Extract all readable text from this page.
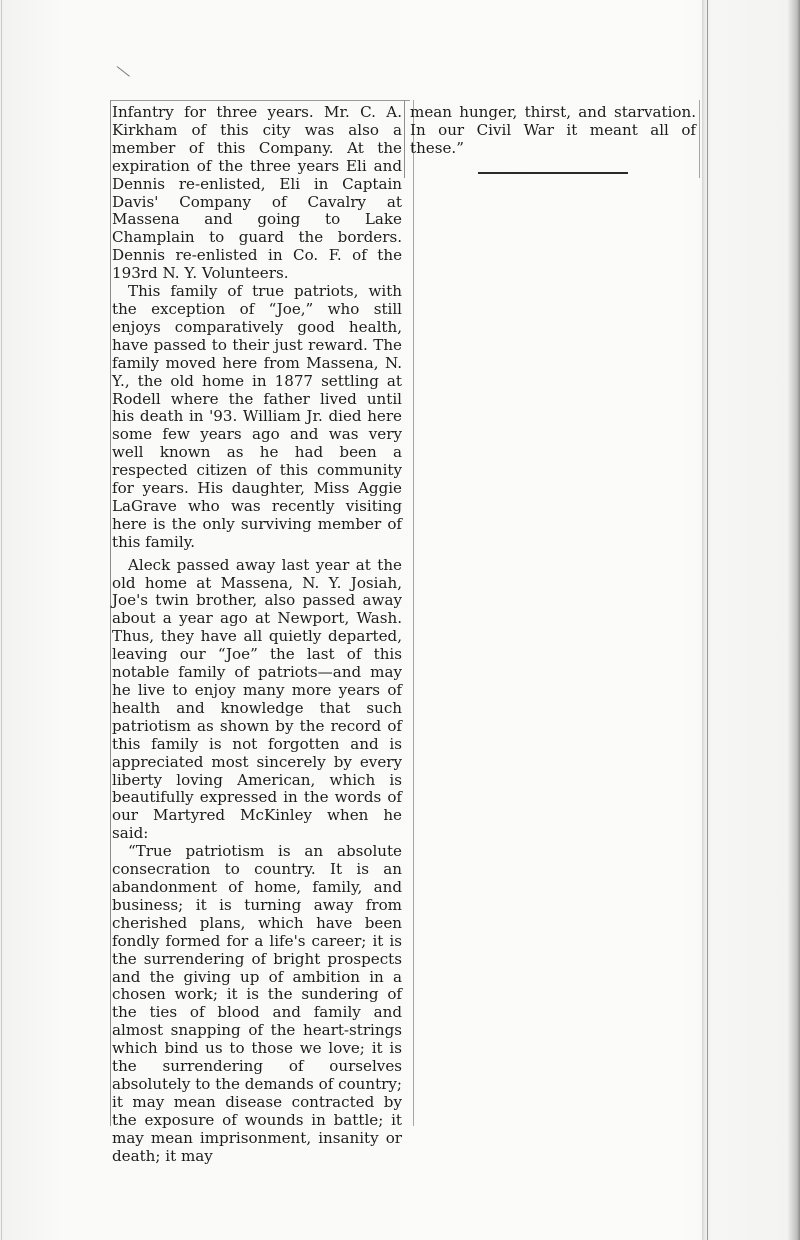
Infantry for three years. Mr. C. A. Kirkham of this city was also a member of this Company. At the expiration of the three years Eli and Dennis re-enlisted, Eli in Captain Davis' Company of Cavalry at Massena and going to Lake Champlain to guard the borders. Dennis re-enlisted in Co. F. of the 193rd N. Y. Volunteers.

This family of true patriots, with the exception of “Joe,” who still enjoys comparatively good health, have passed to their just reward. The family moved here from Massena, N. Y., the old home in 1877 settling at Rodell where the father lived until his death in '93. William Jr. died here some few years ago and was very well known as he had been a respected citizen of this community for years. His daughter, Miss Aggie LaGrave who was recently visiting here is the only surviving member of this family.

Aleck passed away last year at the old home at Massena, N. Y. Josiah, Joe's twin brother, also passed away about a year ago at Newport, Wash. Thus, they have all quietly departed, leaving our “Joe” the last of this notable family of patriots—and may he live to enjoy many more years of health and knowledge that such patriotism as shown by the record of this family is not forgotten and is appreciated most sincerely by every liberty loving American, which is beautifully expressed in the words of our Martyred McKinley when he said:

“True patriotism is an absolute consecration to country. It is an abandonment of home, family, and business; it is turning away from cherished plans, which have been fondly formed for a life's career; it is the surrendering of bright prospects and the giving up of ambition in a chosen work; it is the sundering of the ties of blood and family and almost snapping of the heart-strings which bind us to those we love; it is the surrendering of ourselves absolutely to the demands of country; it may mean disease contracted by the exposure of wounds in battle; it may mean imprisonment, insanity or death; it may

mean hunger, thirst, and starvation. In our Civil War it meant all of these.”
